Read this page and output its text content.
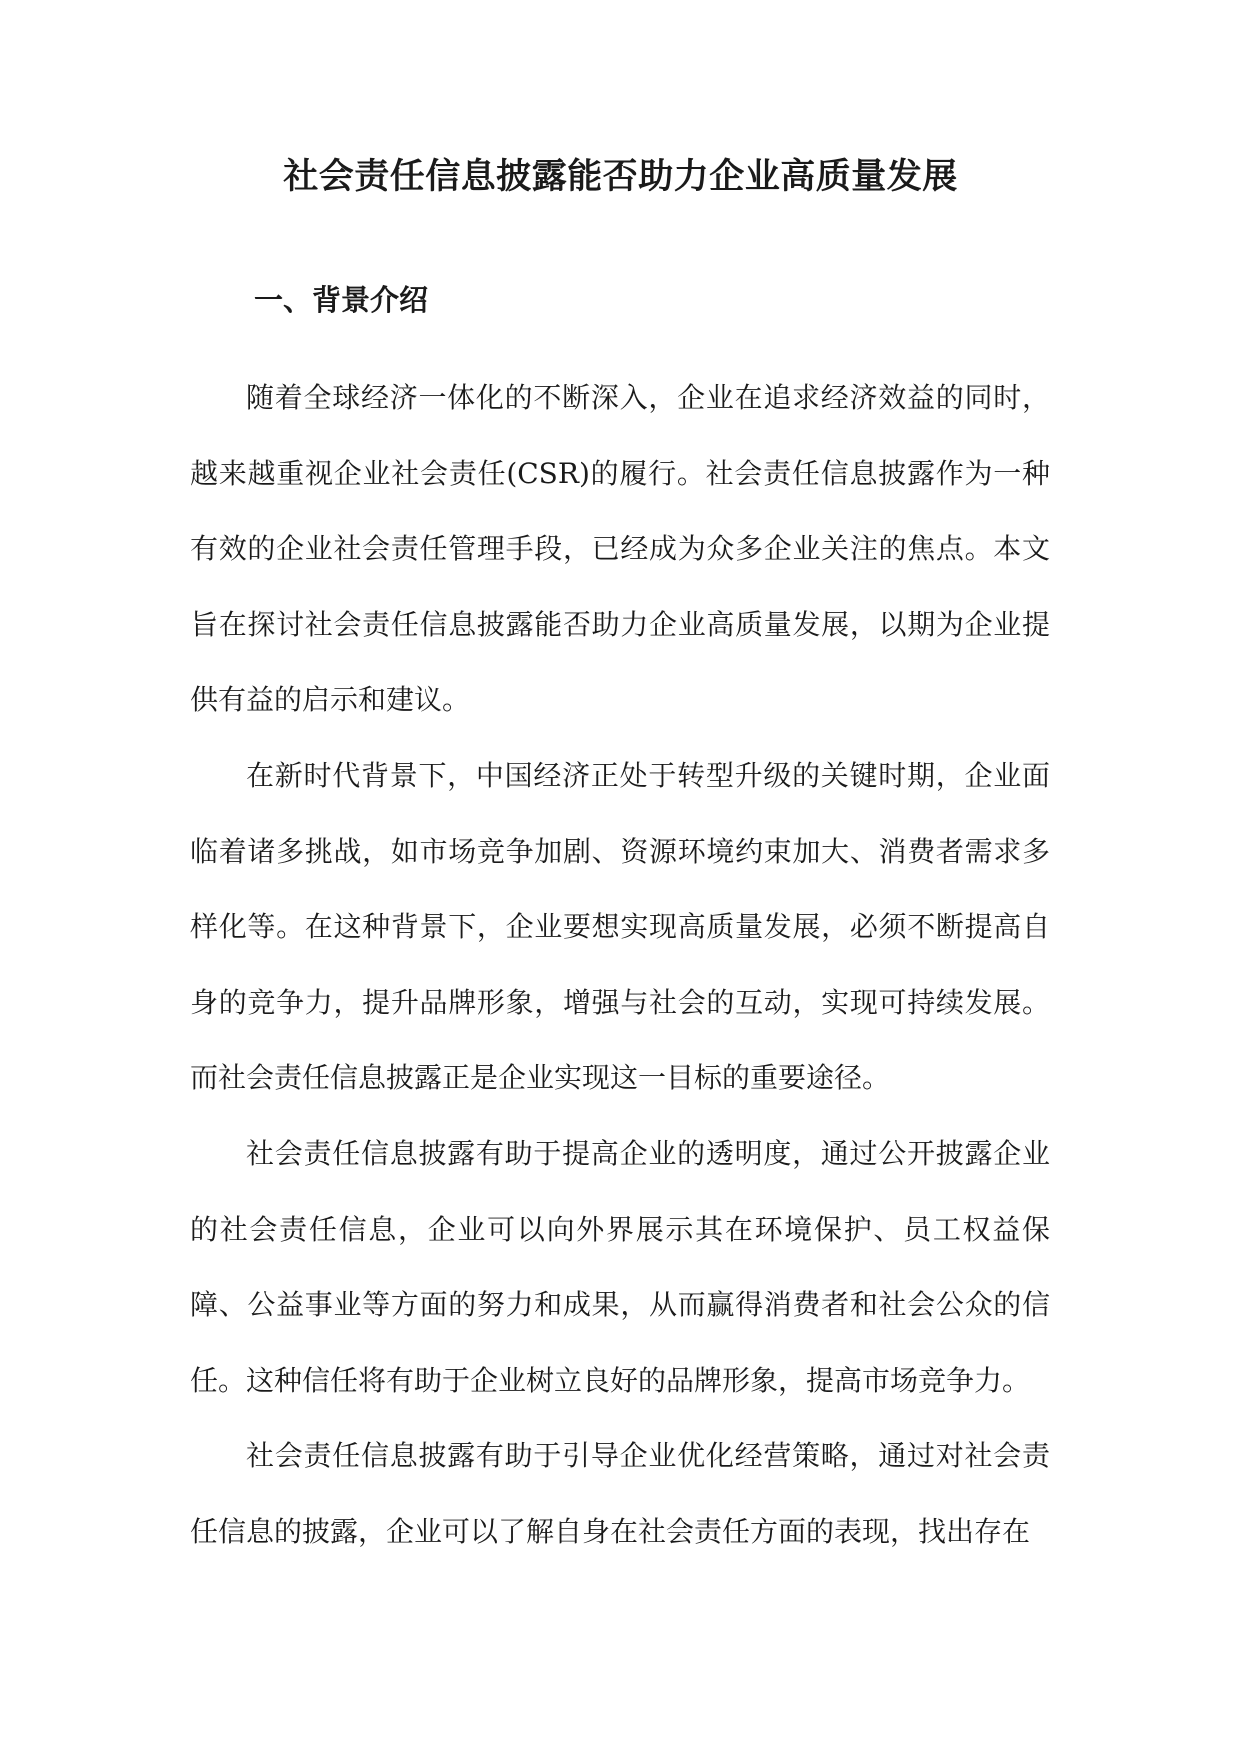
社会责任信息披露能否助力企业高质量发展
一、背景介绍

随着全球经济一体化的不断深入，企业在追求经济效益的同时，越来越重视企业社会责任(CSR)的履行。社会责任信息披露作为一种有效的企业社会责任管理手段，已经成为众多企业关注的焦点。本文旨在探讨社会责任信息披露能否助力企业高质量发展，以期为企业提供有益的启示和建议。

在新时代背景下，中国经济正处于转型升级的关键时期，企业面临着诸多挑战，如市场竞争加剧、资源环境约束加大、消费者需求多样化等。在这种背景下，企业要想实现高质量发展，必须不断提高自身的竞争力，提升品牌形象，增强与社会的互动，实现可持续发展。而社会责任信息披露正是企业实现这一目标的重要途径。

社会责任信息披露有助于提高企业的透明度，通过公开披露企业的社会责任信息，企业可以向外界展示其在环境保护、员工权益保障、公益事业等方面的努力和成果，从而赢得消费者和社会公众的信任。这种信任将有助于企业树立良好的品牌形象，提高市场竞争力。

社会责任信息披露有助于引导企业优化经营策略，通过对社会责任信息的披露，企业可以了解自身在社会责任方面的表现，找出存在
